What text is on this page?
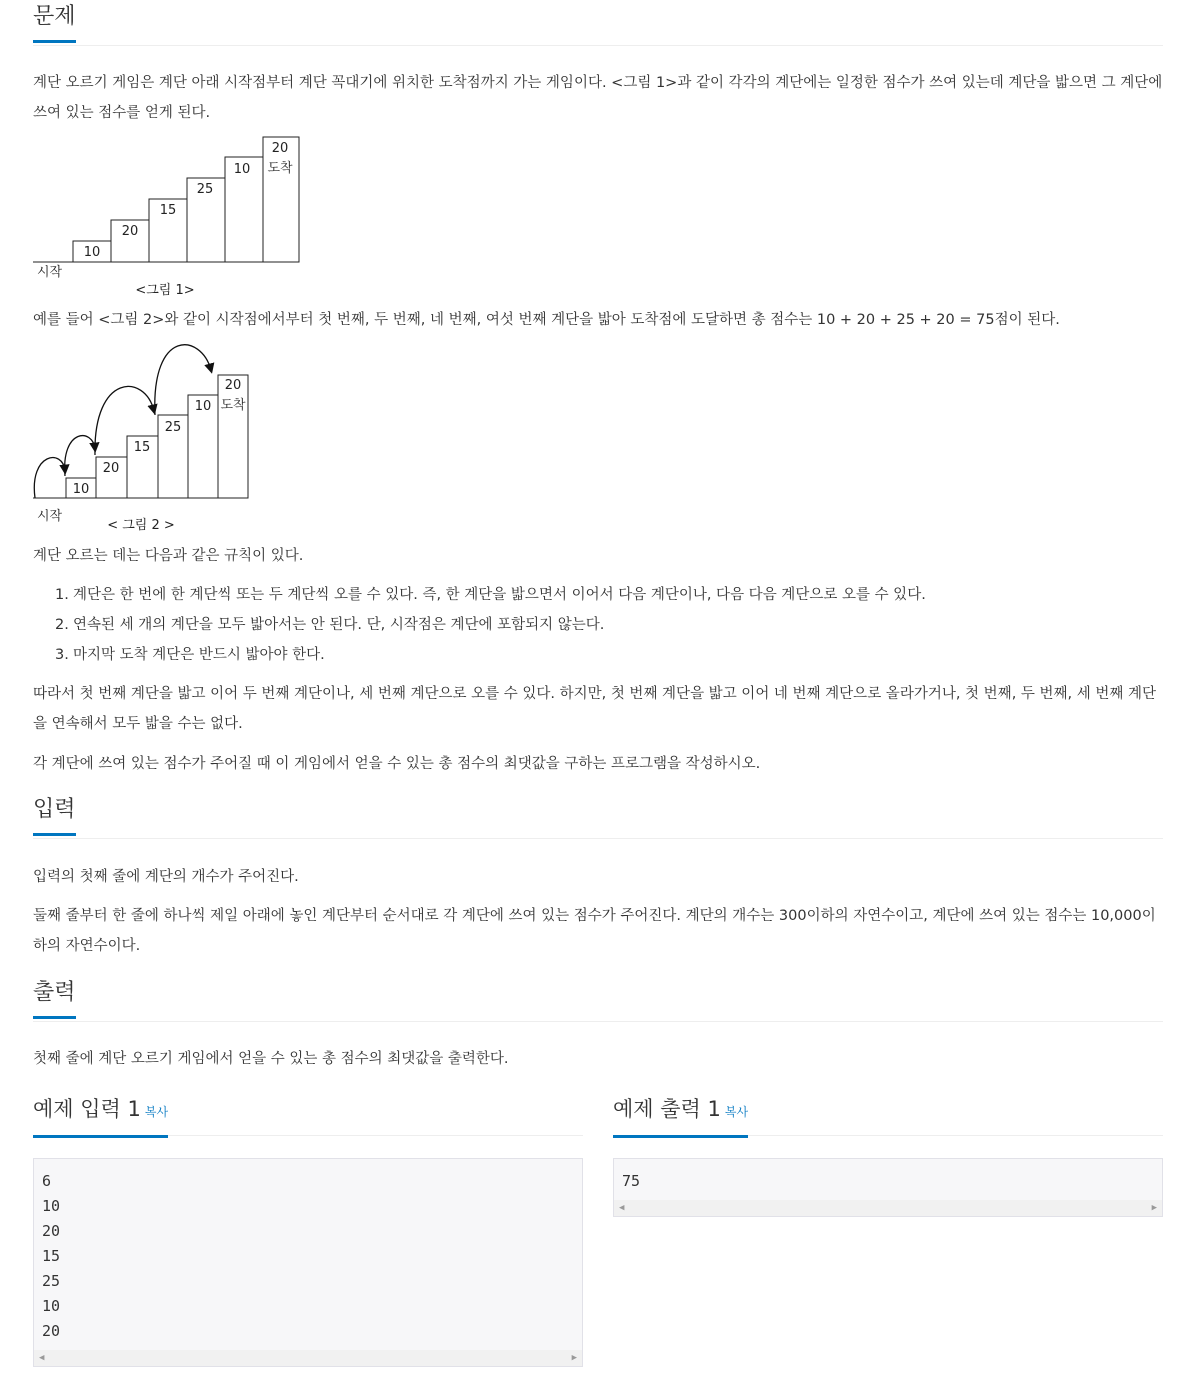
문제

계단 오르기 게임은 계단 아래 시작점부터 계단 꼭대기에 위치한 도착점까지 가는 게임이다. <그림 1>과 같이 각각의 계단에는 일정한 점수가 쓰여 있는데 계단을 밟으면 그 계단에 쓰여 있는 점수를 얻게 된다.

10
20
15
25
10
20
도착
시작
<그림 1>

예를 들어 <그림 2>와 같이 시작점에서부터 첫 번째, 두 번째, 네 번째, 여섯 번째 계단을 밟아 도착점에 도달하면 총 점수는 10 + 20 + 25 + 20 = 75점이 된다.

10
20
15
25
10
20
도착
시작
< 그림 2 >

계단 오르는 데는 다음과 같은 규칙이 있다.

1. 계단은 한 번에 한 계단씩 또는 두 계단씩 오를 수 있다. 즉, 한 계단을 밟으면서 이어서 다음 계단이나, 다음 다음 계단으로 오를 수 있다.
2. 연속된 세 개의 계단을 모두 밟아서는 안 된다. 단, 시작점은 계단에 포함되지 않는다.
3. 마지막 도착 계단은 반드시 밟아야 한다.

따라서 첫 번째 계단을 밟고 이어 두 번째 계단이나, 세 번째 계단으로 오를 수 있다. 하지만, 첫 번째 계단을 밟고 이어 네 번째 계단으로 올라가거나, 첫 번째, 두 번째, 세 번째 계단을 연속해서 모두 밟을 수는 없다.

각 계단에 쓰여 있는 점수가 주어질 때 이 게임에서 얻을 수 있는 총 점수의 최댓값을 구하는 프로그램을 작성하시오.

입력

입력의 첫째 줄에 계단의 개수가 주어진다.

둘째 줄부터 한 줄에 하나씩 제일 아래에 놓인 계단부터 순서대로 각 계단에 쓰여 있는 점수가 주어진다. 계단의 개수는 300이하의 자연수이고, 계단에 쓰여 있는 점수는 10,000이하의 자연수이다.

출력

첫째 줄에 계단 오르기 게임에서 얻을 수 있는 총 점수의 최댓값을 출력한다.

예제 입력 1 복사
6
10
20
15
25
10
20
◀	▶
예제 출력 1 복사
75
◀	▶
